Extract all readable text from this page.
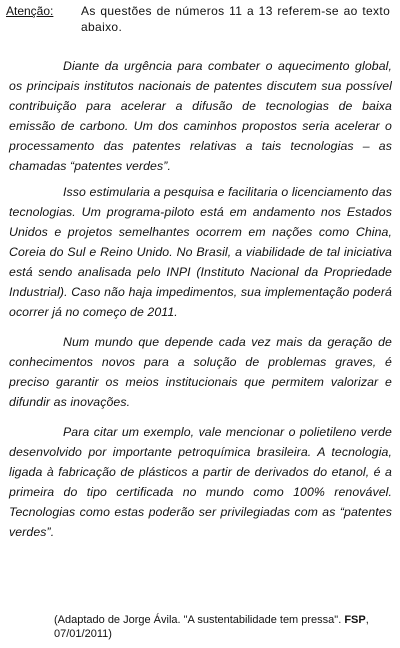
Atenção: As questões de números 11 a 13 referem-se ao texto abaixo.

Diante da urgência para combater o aquecimento global, os principais institutos nacionais de patentes discutem sua possível contribuição para acelerar a difusão de tecnologias de baixa emissão de carbono. Um dos caminhos propostos seria acelerar o processamento das patentes relativas a tais tecnologias – as chamadas “patentes verdes”.

Isso estimularia a pesquisa e facilitaria o licenciamento das tecnologias. Um programa-piloto está em andamento nos Estados Unidos e projetos semelhantes ocorrem em nações como China, Coreia do Sul e Reino Unido. No Brasil, a viabilidade de tal iniciativa está sendo analisada pelo INPI (Instituto Nacional da Propriedade Industrial). Caso não haja impedimentos, sua implementação poderá ocorrer já no começo de 2011.

Num mundo que depende cada vez mais da geração de conhecimentos novos para a solução de problemas graves, é preciso garantir os meios institucionais que permitem valorizar e difundir as inovações.

Para citar um exemplo, vale mencionar o polietileno verde desenvolvido por importante petroquímica brasileira. A tecnologia, ligada à fabricação de plásticos a partir de derivados do etanol, é a primeira do tipo certificada no mundo como 100% renovável. Tecnologias como estas poderão ser privilegiadas com as “patentes verdes”.

(Adaptado de Jorge Ávila. "A sustentabilidade tem pressa". FSP, 07/01/2011)
